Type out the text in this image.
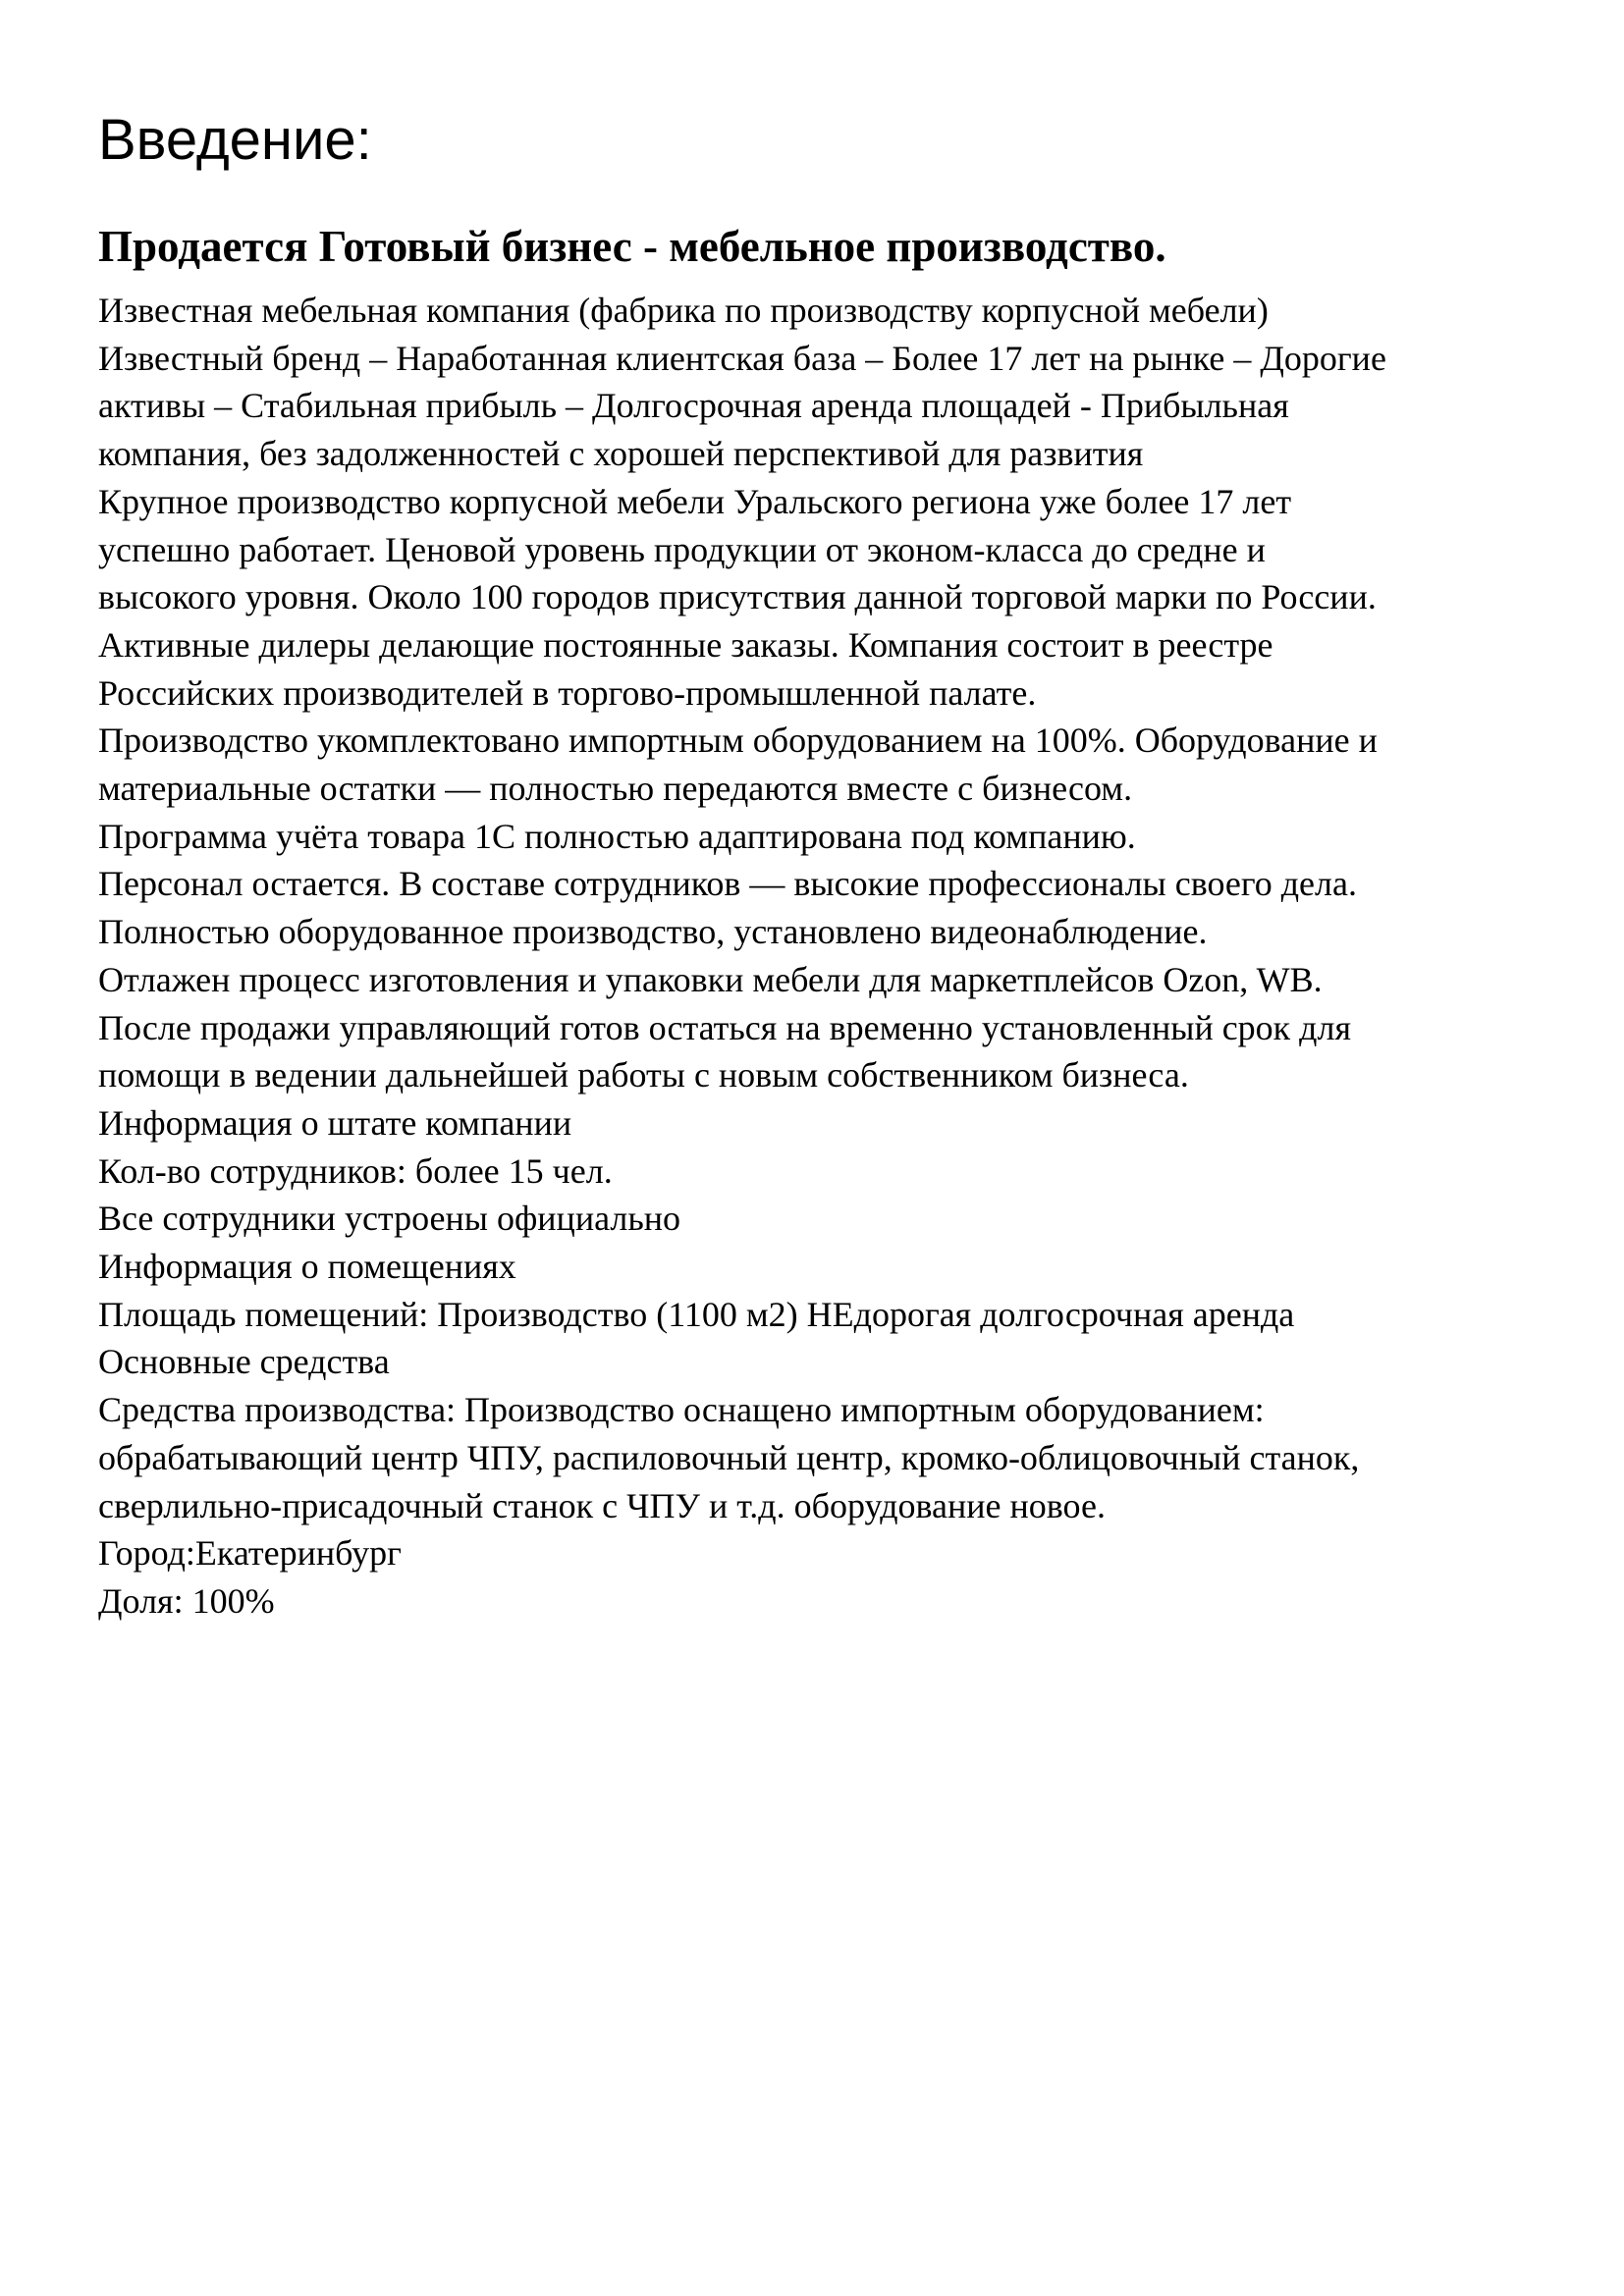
Введение:
Продается Готовый бизнес - мебельное производство.

Известная мебельная компания (фабрика по производству корпусной мебели)

Известный бренд – Наработанная клиентская база – Более 17 лет на рынке – Дорогие

активы – Стабильная прибыль – Долгосрочная аренда площадей - Прибыльная

компания, без задолженностей с хорошей перспективой для развития

Крупное производство корпусной мебели Уральского региона уже более 17 лет

успешно работает. Ценовой уровень продукции от эконом-класса до средне и

высокого уровня. Около 100 городов присутствия данной торговой марки по России.

Активные дилеры делающие постоянные заказы. Компания состоит в реестре

Российских производителей в торгово-промышленной палате.

Производство укомплектовано импортным оборудованием на 100%. Оборудование и

материальные остатки — полностью передаются вместе с бизнесом.

Программа учёта товара 1С полностью адаптирована под компанию.

Персонал остается. В составе сотрудников — высокие профессионалы своего дела.

Полностью оборудованное производство, установлено видеонаблюдение.

Отлажен процесс изготовления и упаковки мебели для маркетплейсов Ozon, WB.

После продажи управляющий готов остаться на временно установленный срок для

помощи в ведении дальнейшей работы с новым собственником бизнеса.

Информация о штате компании

Кол-во сотрудников: более 15 чел.

Все сотрудники устроены официально

Информация о помещениях

Площадь помещений: Производство (1100 м2) НЕдорогая долгосрочная аренда

Основные средства

Средства производства: Производство оснащено импортным оборудованием:

обрабатывающий центр ЧПУ, распиловочный центр, кромко-облицовочный станок,

сверлильно-присадочный станок с ЧПУ и т.д. оборудование новое.

Город:Екатеринбург

Доля: 100%
